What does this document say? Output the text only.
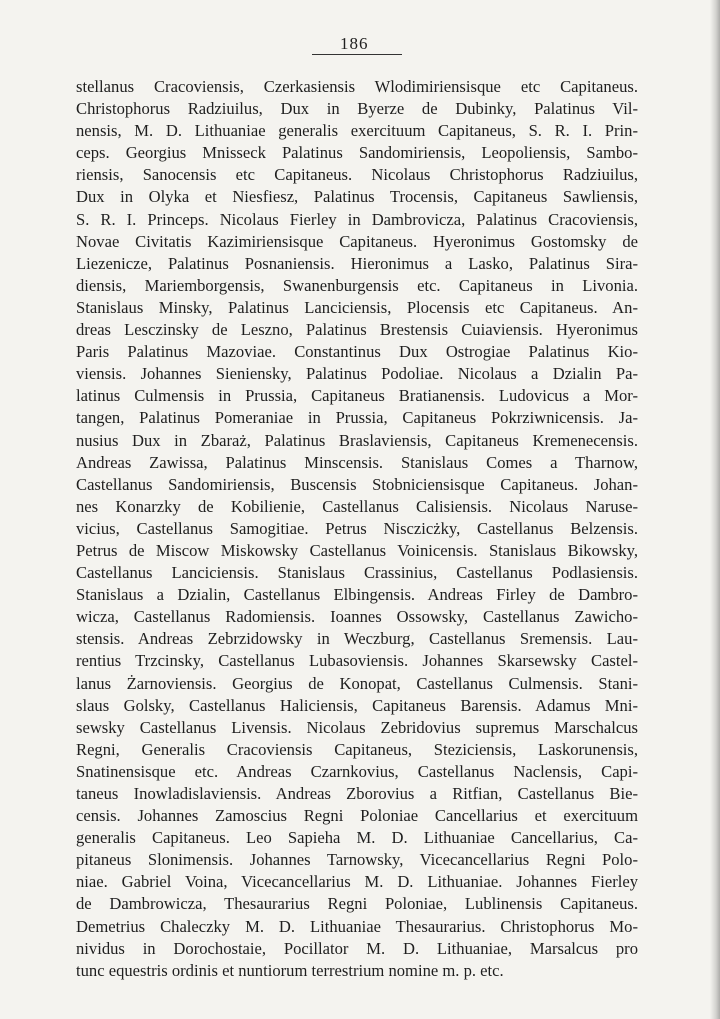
186
stellanus Cracoviensis, Czerkasiensis Wlodimiriensisque etc Capitaneus.
Christophorus Radziuilus, Dux in Byerze de Dubinky, Palatinus Vil-
nensis, M. D. Lithuaniae generalis exercituum Capitaneus, S. R. I. Prin-
ceps. Georgius Mnisseck Palatinus Sandomiriensis, Leopoliensis, Sambo-
riensis, Sanocensis etc Capitaneus. Nicolaus Christophorus Radziuilus,
Dux in Olyka et Niesfiesz, Palatinus Trocensis, Capitaneus Sawliensis,
S. R. I. Princeps. Nicolaus Fierley in Dambrovicza, Palatinus Cracoviensis,
Novae Civitatis Kazimiriensisque Capitaneus. Hyeronimus Gostomsky de
Liezenicze, Palatinus Posnaniensis. Hieronimus a Lasko, Palatinus Sira-
diensis, Mariemborgensis, Swanenburgensis etc. Capitaneus in Livonia.
Stanislaus Minsky, Palatinus Lanciciensis, Plocensis etc Capitaneus. An-
dreas Lesczinsky de Leszno, Palatinus Brestensis Cuiaviensis. Hyeronimus
Paris Palatinus Mazoviae. Constantinus Dux Ostrogiae Palatinus Kio-
viensis. Johannes Sieniensky, Palatinus Podoliae. Nicolaus a Dzialin Pa-
latinus Culmensis in Prussia, Capitaneus Bratianensis. Ludovicus a Mor-
tangen, Palatinus Pomeraniae in Prussia, Capitaneus Pokrziwnicensis. Ja-
nusius Dux in Zbaraż, Palatinus Braslaviensis, Capitaneus Kremenecensis.
Andreas Zawissa, Palatinus Minscensis. Stanislaus Comes a Tharnow,
Castellanus Sandomiriensis, Buscensis Stobniciensisque Capitaneus. Johan-
nes Konarzky de Kobilienie, Castellanus Calisiensis. Nicolaus Naruse-
vicius, Castellanus Samogitiae. Petrus Nisczicżky, Castellanus Belzensis.
Petrus de Miscow Miskowsky Castellanus Voinicensis. Stanislaus Bikowsky,
Castellanus Lanciciensis. Stanislaus Crassinius, Castellanus Podlasiensis.
Stanislaus a Dzialin, Castellanus Elbingensis. Andreas Firley de Dambro-
wicza, Castellanus Radomiensis. Ioannes Ossowsky, Castellanus Zawicho-
stensis. Andreas Zebrzidowsky in Weczburg, Castellanus Sremensis. Lau-
rentius Trzcinsky, Castellanus Lubasoviensis. Johannes Skarsewsky Castel-
lanus Żarnoviensis. Georgius de Konopat, Castellanus Culmensis. Stani-
slaus Golsky, Castellanus Haliciensis, Capitaneus Barensis. Adamus Mni-
sewsky Castellanus Livensis. Nicolaus Zebridovius supremus Marschalcus
Regni, Generalis Cracoviensis Capitaneus, Steziciensis, Laskorunensis,
Snatinensisque etc. Andreas Czarnkovius, Castellanus Naclensis, Capi-
taneus Inowladislaviensis. Andreas Zborovius a Ritfian, Castellanus Bie-
censis. Johannes Zamoscius Regni Poloniae Cancellarius et exercituum
generalis Capitaneus. Leo Sapieha M. D. Lithuaniae Cancellarius, Ca-
pitaneus Slonimensis. Johannes Tarnowsky, Vicecancellarius Regni Polo-
niae. Gabriel Voina, Vicecancellarius M. D. Lithuaniae. Johannes Fierley
de Dambrowicza, Thesaurarius Regni Poloniae, Lublinensis Capitaneus.
Demetrius Chaleczky M. D. Lithuaniae Thesaurarius. Christophorus Mo-
nividus in Dorochostaie, Pocillator M. D. Lithuaniae, Marsalcus pro
tunc equestris ordinis et nuntiorum terrestrium nomine m. p. etc.
